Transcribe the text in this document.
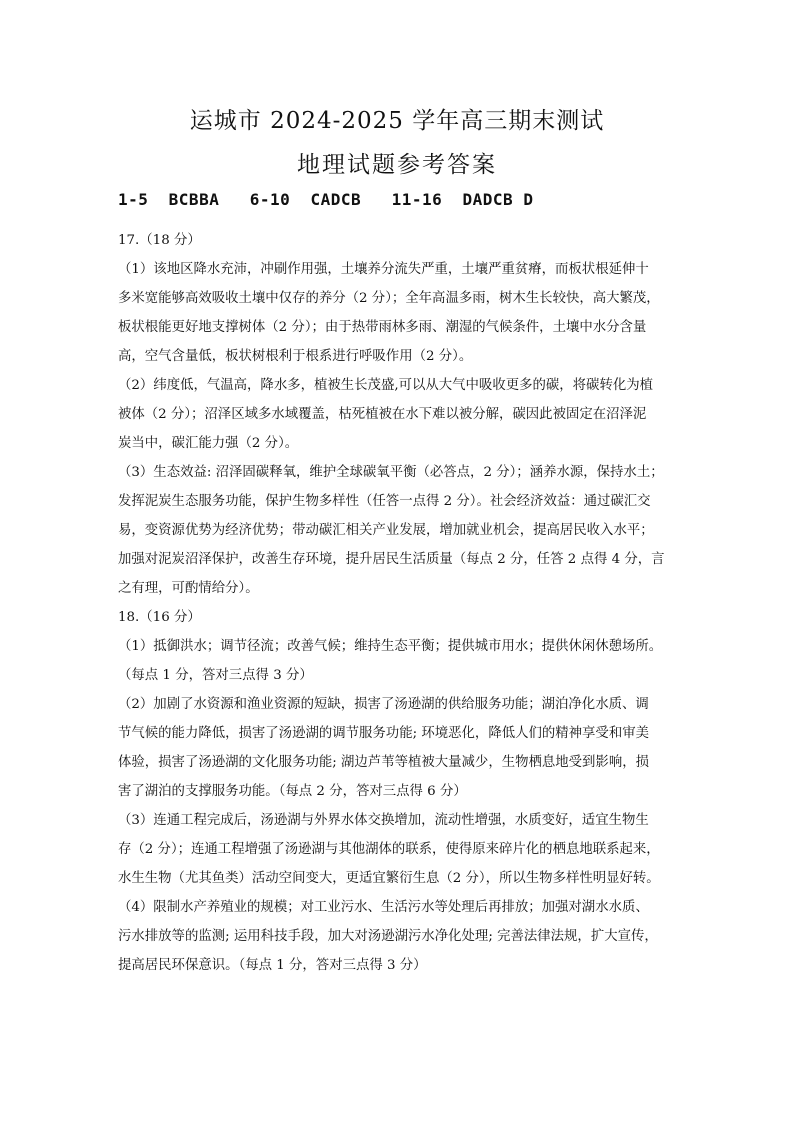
运城市 2024-2025 学年高三期末测试
地理试题参考答案
1-5  BCBBA   6-10  CADCB   11-16  DADCB D
17.（18 分）
（1）该地区降水充沛，冲刷作用强，土壤养分流失严重，土壤严重贫瘠，而板状根延伸十
多米宽能够高效吸收土壤中仅存的养分（2 分）；全年高温多雨，树木生长较快，高大繁茂，
板状根能更好地支撑树体（2 分）；由于热带雨林多雨、潮湿的气候条件，土壤中水分含量
高，空气含量低，板状树根利于根系进行呼吸作用（2 分）。
（2）纬度低，气温高，降水多，植被生长茂盛,可以从大气中吸收更多的碳，将碳转化为植
被体（2 分）；沼泽区域多水域覆盖，枯死植被在水下难以被分解，碳因此被固定在沼泽泥
炭当中，碳汇能力强（2 分）。
（3）生态效益: 沼泽固碳释氧，维护全球碳氧平衡（必答点，2 分）；涵养水源，保持水土；
发挥泥炭生态服务功能，保护生物多样性（任答一点得 2 分）。社会经济效益：通过碳汇交
易，变资源优势为经济优势；带动碳汇相关产业发展，增加就业机会，提高居民收入水平；
加强对泥炭沼泽保护，改善生存环境，提升居民生活质量（每点 2 分，任答 2 点得 4 分，言
之有理，可酌情给分）。
18.（16 分）
（1）抵御洪水；调节径流；改善气候；维持生态平衡；提供城市用水；提供休闲休憩场所。
（每点 1 分，答对三点得 3 分）
（2）加剧了水资源和渔业资源的短缺，损害了汤逊湖的供给服务功能；湖泊净化水质、调
节气候的能力降低，损害了汤逊湖的调节服务功能; 环境恶化，降低人们的精神享受和审美
体验，损害了汤逊湖的文化服务功能; 湖边芦苇等植被大量减少，生物栖息地受到影响，损
害了湖泊的支撑服务功能。（每点 2 分，答对三点得 6 分）
（3）连通工程完成后，汤逊湖与外界水体交换增加，流动性增强，水质变好，适宜生物生
存（2 分）；连通工程增强了汤逊湖与其他湖体的联系，使得原来碎片化的栖息地联系起来，
水生生物（尤其鱼类）活动空间变大，更适宜繁衍生息（2 分），所以生物多样性明显好转。
（4）限制水产养殖业的规模；对工业污水、生活污水等处理后再排放；加强对湖水水质、
污水排放等的监测; 运用科技手段，加大对汤逊湖污水净化处理; 完善法律法规，扩大宣传，
提高居民环保意识。（每点 1 分，答对三点得 3 分）
